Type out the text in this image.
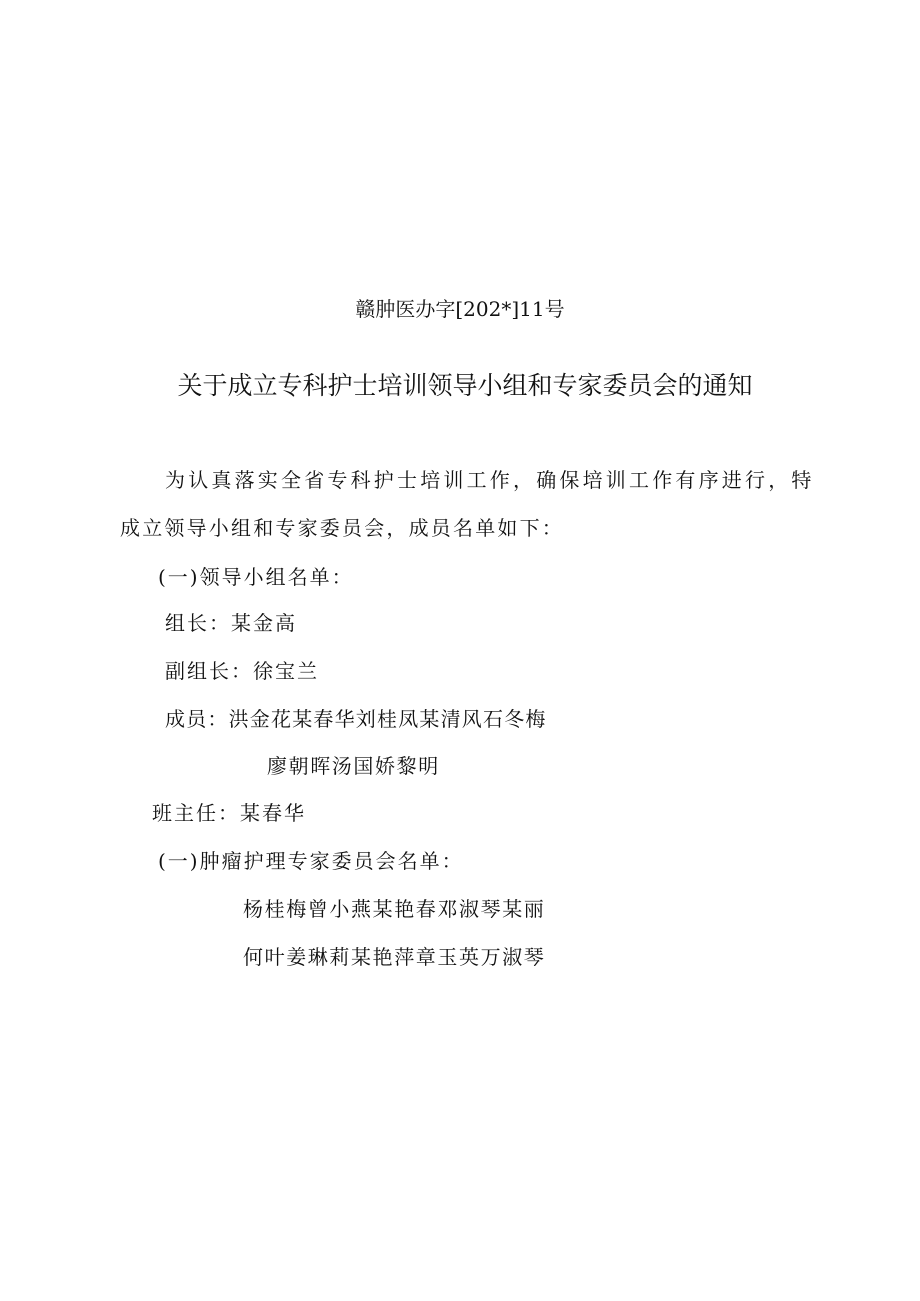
赣肿医办字[202*]11号
关于成立专科护士培训领导小组和专家委员会的通知
为认真落实全省专科护士培训工作，确保培训工作有序进行，特
成立领导小组和专家委员会，成员名单如下：
(一)领导小组名单：
组长：某金高
副组长：徐宝兰
成员：洪金花某春华刘桂凤某清风石冬梅
廖朝晖汤国娇黎明
班主任：某春华
(一)肿瘤护理专家委员会名单：
杨桂梅曾小燕某艳春邓淑琴某丽
何叶姜琳莉某艳萍章玉英万淑琴
